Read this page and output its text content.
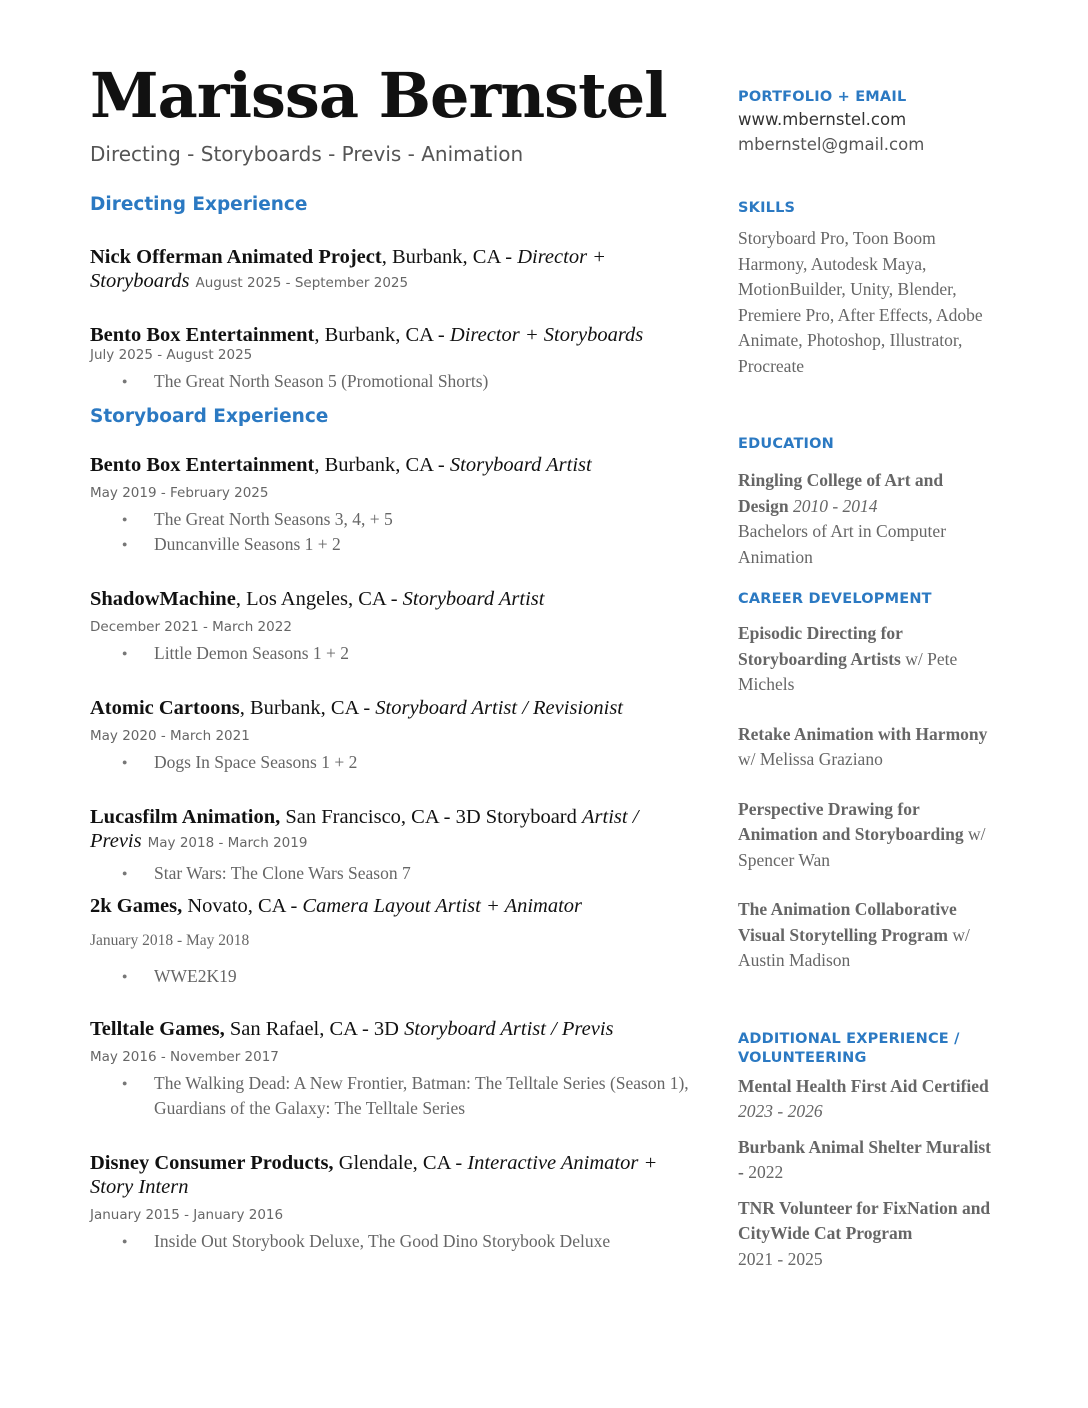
Marissa Bernstel
Directing - Storyboards - Previs - Animation
Directing Experience
Nick Offerman Animated Project, Burbank, CA - Director + Storyboards August 2025 - September 2025
Bento Box Entertainment, Burbank, CA - Director + Storyboards
July 2025 - August 2025
● The Great North Season 5 (Promotional Shorts)
Storyboard Experience
Bento Box Entertainment, Burbank, CA - Storyboard Artist
May 2019 - February 2025
● The Great North Seasons 3, 4, + 5
● Duncanville Seasons 1 + 2
ShadowMachine, Los Angeles, CA - Storyboard Artist
December 2021 - March 2022
● Little Demon Seasons 1 + 2
Atomic Cartoons, Burbank, CA - Storyboard Artist / Revisionist
May 2020 - March 2021
● Dogs In Space Seasons 1 + 2
Lucasfilm Animation, San Francisco, CA - 3D Storyboard Artist / Previs May 2018 - March 2019
● Star Wars: The Clone Wars Season 7
2k Games, Novato, CA - Camera Layout Artist + Animator
January 2018 - May 2018
● WWE2K19
Telltale Games, San Rafael, CA - 3D Storyboard Artist / Previs
May 2016 - November 2017
● The Walking Dead: A New Frontier, Batman: The Telltale Series (Season 1), Guardians of the Galaxy: The Telltale Series
Disney Consumer Products, Glendale, CA - Interactive Animator + Story Intern
January 2015 - January 2016
● Inside Out Storybook Deluxe, The Good Dino Storybook Deluxe
PORTFOLIO + EMAIL
www.mbernstel.com
mbernstel@gmail.com
SKILLS
Storyboard Pro, Toon Boom Harmony, Autodesk Maya, MotionBuilder, Unity, Blender, Premiere Pro, After Effects, Adobe Animate, Photoshop, Illustrator, Procreate
EDUCATION
Ringling College of Art and Design 2010 - 2014
Bachelors of Art in Computer Animation
CAREER DEVELOPMENT
Episodic Directing for Storyboarding Artists w/ Pete Michels
Retake Animation with Harmony w/ Melissa Graziano
Perspective Drawing for Animation and Storyboarding w/ Spencer Wan
The Animation Collaborative Visual Storytelling Program w/ Austin Madison
ADDITIONAL EXPERIENCE / VOLUNTEERING
Mental Health First Aid Certified 2023 - 2026
Burbank Animal Shelter Muralist - 2022
TNR Volunteer for FixNation and CityWide Cat Program
2021 - 2025
